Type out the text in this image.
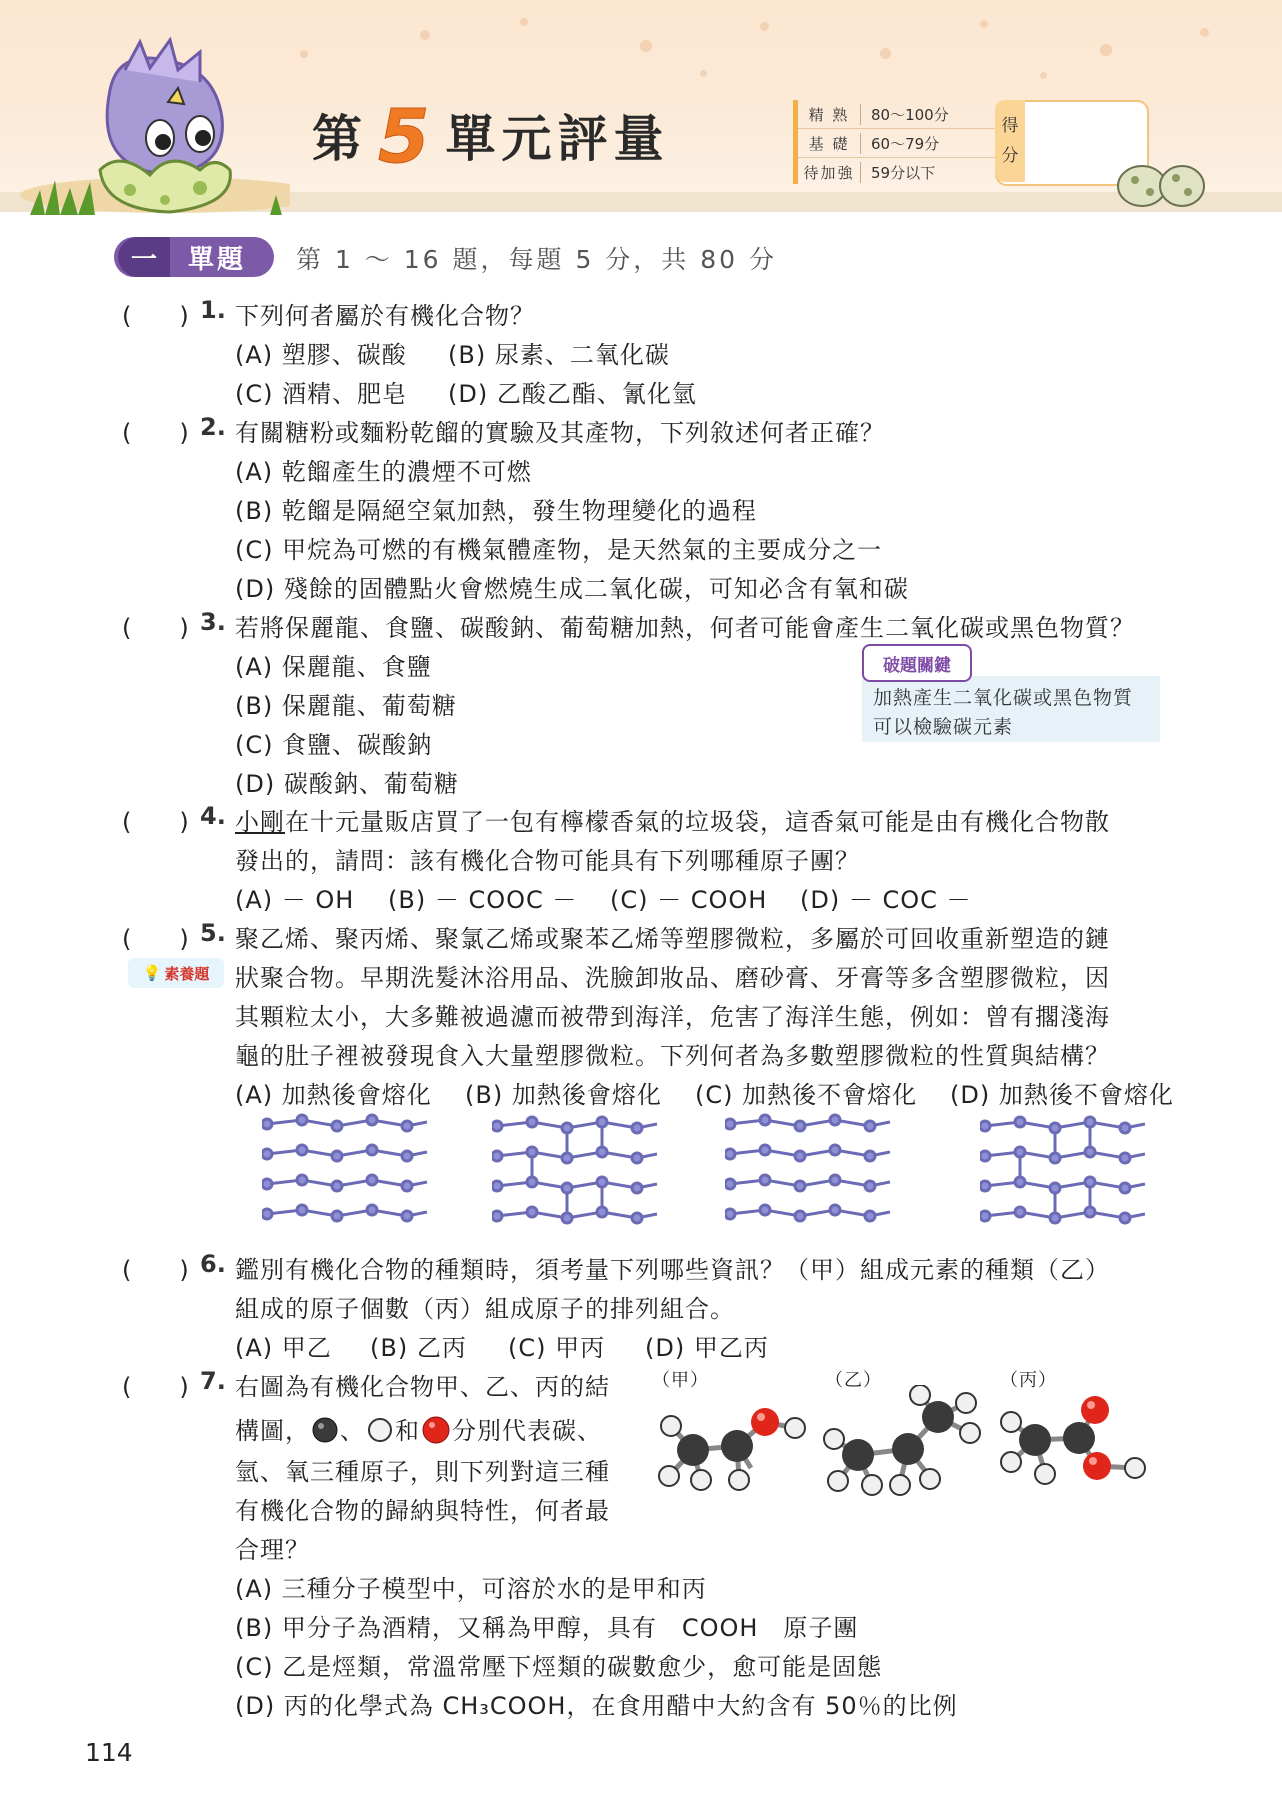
第 5 單元評量	精 熟	80～100分
基 礎	60～79分
待加強	59分以下
得
分
一	單題 第 1 ～ 16 題，每題 5 分，共 80 分
(　　) 1. 下列何者屬於有機化合物？
(A) 塑膠、碳酸 (B) 尿素、二氧化碳
(C) 酒精、肥皂 (D) 乙酸乙酯、氰化氫
(　　) 2. 有關糖粉或麵粉乾餾的實驗及其產物，下列敘述何者正確？
(A) 乾餾產生的濃煙不可燃
(B) 乾餾是隔絕空氣加熱，發生物理變化的過程
(C) 甲烷為可燃的有機氣體產物，是天然氣的主要成分之一
(D) 殘餘的固體點火會燃燒生成二氧化碳，可知必含有氧和碳
(　　) 3. 若將保麗龍、食鹽、碳酸鈉、葡萄糖加熱，何者可能會產生二氧化碳或黑色物質？
(A) 保麗龍、食鹽
(B) 保麗龍、葡萄糖
(C) 食鹽、碳酸鈉
(D) 碳酸鈉、葡萄糖
破題關鍵
加熱產生二氧化碳或黑色物質
可以檢驗碳元素
(　　) 4. 小剛在十元量販店買了一包有檸檬香氣的垃圾袋，這香氣可能是由有機化合物散
發出的，請問：該有機化合物可能具有下列哪種原子團？
(A) － OH (B) － COOC － (C) － COOH (D) － COC －
(　　) 5.
💡 素養題
聚乙烯、聚丙烯、聚氯乙烯或聚苯乙烯等塑膠微粒，多屬於可回收重新塑造的鏈
狀聚合物。早期洗髮沐浴用品、洗臉卸妝品、磨砂膏、牙膏等多含塑膠微粒，因
其顆粒太小，大多難被過濾而被帶到海洋，危害了海洋生態，例如：曾有擱淺海
龜的肚子裡被發現食入大量塑膠微粒。下列何者為多數塑膠微粒的性質與結構？
(A) 加熱後會熔化 (B) 加熱後會熔化 (C) 加熱後不會熔化 (D) 加熱後不會熔化
(　　) 6. 鑑別有機化合物的種類時，須考量下列哪些資訊？（甲）組成元素的種類（乙）
組成的原子個數（丙）組成原子的排列組合。
(A) 甲乙 (B) 乙丙 (C) 甲丙 (D) 甲乙丙
(　　) 7. 右圖為有機化合物甲、乙、丙的結
構圖， 、 和 分別代表碳、
氫、氧三種原子，則下列對這三種
有機化合物的歸納與特性，何者最
合理？
（甲）	（乙）	（丙）
(A) 三種分子模型中，可溶於水的是甲和丙
(B) 甲分子為酒精，又稱為甲醇，具有　COOH　原子團
(C) 乙是烴類，常溫常壓下烴類的碳數愈少，愈可能是固態
(D) 丙的化學式為 CH₃COOH，在食用醋中大約含有 50％的比例
114
